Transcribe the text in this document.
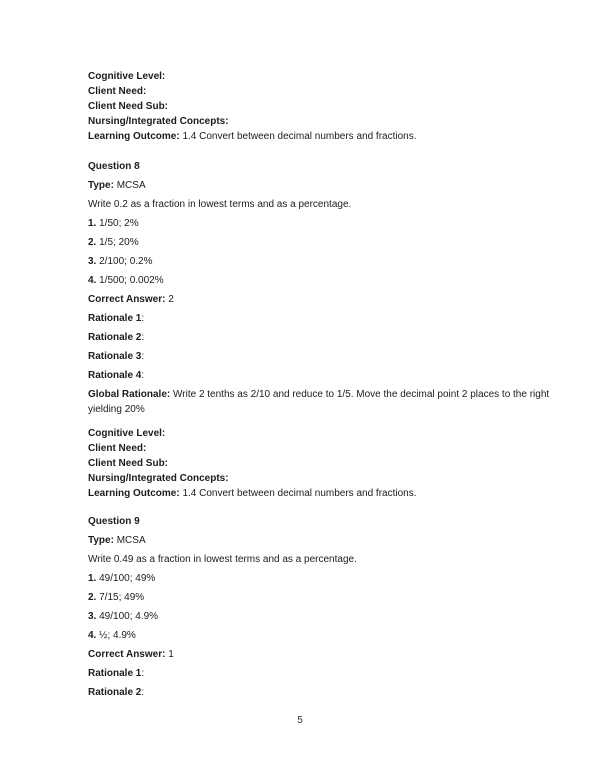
Cognitive Level:

Client Need:

Client Need Sub:

Nursing/Integrated Concepts:

Learning Outcome: 1.4 Convert between decimal numbers and fractions.

Question 8

Type: MCSA

Write 0.2 as a fraction in lowest terms and as a percentage.

1. 1/50; 2%

2. 1/5; 20%

3. 2/100; 0.2%

4. 1/500; 0.002%

Correct Answer: 2

Rationale 1:

Rationale 2:

Rationale 3:

Rationale 4:

Global Rationale: Write 2 tenths as 2/10 and reduce to 1/5. Move the decimal point 2 places to the right yielding 20%

Cognitive Level:

Client Need:

Client Need Sub:

Nursing/Integrated Concepts:

Learning Outcome: 1.4 Convert between decimal numbers and fractions.

Question 9

Type: MCSA

Write 0.49 as a fraction in lowest terms and as a percentage.

1. 49/100; 49%

2. 7/15; 49%

3. 49/100; 4.9%

4. ½; 4.9%

Correct Answer: 1

Rationale 1:

Rationale 2:

5
